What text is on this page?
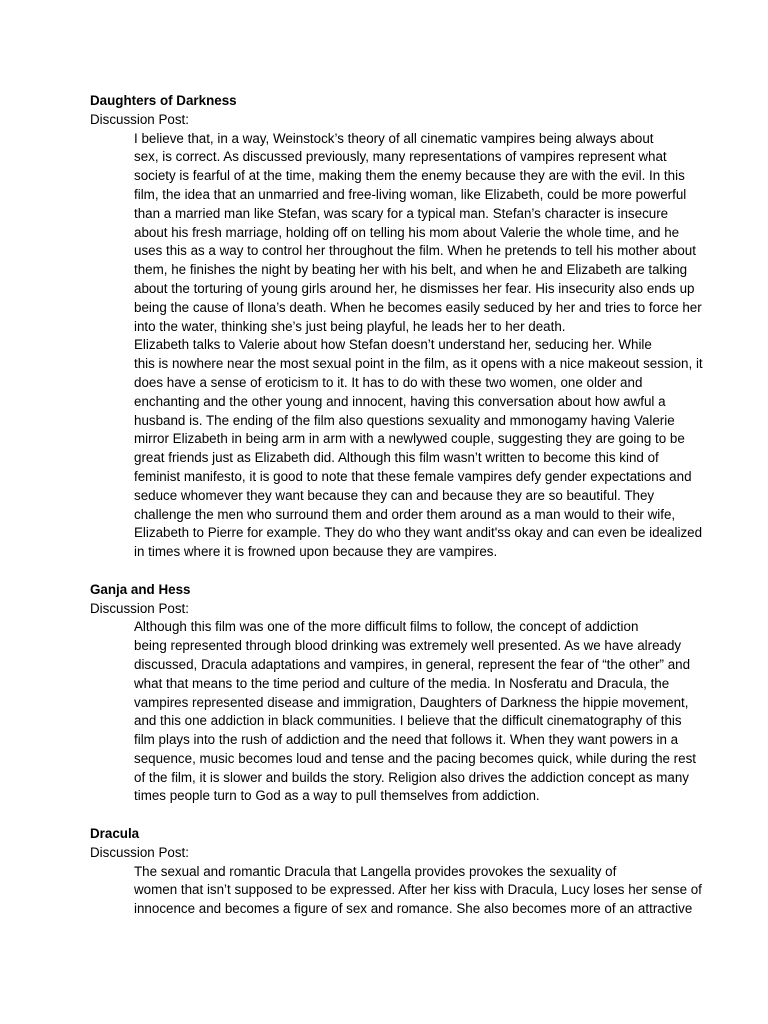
Daughters of Darkness

Discussion Post:

I believe that, in a way, Weinstock’s theory of all cinematic vampires being always about
sex, is correct. As discussed previously, many representations of vampires represent what
society is fearful of at the time, making them the enemy because they are with the evil. In this
film, the idea that an unmarried and free-living woman, like Elizabeth, could be more powerful
than a married man like Stefan, was scary for a typical man. Stefan’s character is insecure
about his fresh marriage, holding off on telling his mom about Valerie the whole time, and he
uses this as a way to control her throughout the film. When he pretends to tell his mother about
them, he finishes the night by beating her with his belt, and when he and Elizabeth are talking
about the torturing of young girls around her, he dismisses her fear. His insecurity also ends up
being the cause of Ilona’s death. When he becomes easily seduced by her and tries to force her
into the water, thinking she’s just being playful, he leads her to her death.

Elizabeth talks to Valerie about how Stefan doesn’t understand her, seducing her. While
this is nowhere near the most sexual point in the film, as it opens with a nice makeout session, it
does have a sense of eroticism to it. It has to do with these two women, one older and
enchanting and the other young and innocent, having this conversation about how awful a
husband is. The ending of the film also questions sexuality and mmonogamy having Valerie
mirror Elizabeth in being arm in arm with a newlywed couple, suggesting they are going to be
great friends just as Elizabeth did. Although this film wasn’t written to become this kind of
feminist manifesto, it is good to note that these female vampires defy gender expectations and
seduce whomever they want because they can and because they are so beautiful. They
challenge the men who surround them and order them around as a man would to their wife,
Elizabeth to Pierre for example. They do who they want andit'ss okay and can even be idealized
in times where it is frowned upon because they are vampires.

Ganja and Hess

Discussion Post:

Although this film was one of the more difficult films to follow, the concept of addiction
being represented through blood drinking was extremely well presented. As we have already
discussed, Dracula adaptations and vampires, in general, represent the fear of “the other” and
what that means to the time period and culture of the media. In Nosferatu and Dracula, the
vampires represented disease and immigration, Daughters of Darkness the hippie movement,
and this one addiction in black communities. I believe that the difficult cinematography of this
film plays into the rush of addiction and the need that follows it. When they want powers in a
sequence, music becomes loud and tense and the pacing becomes quick, while during the rest
of the film, it is slower and builds the story. Religion also drives the addiction concept as many
times people turn to God as a way to pull themselves from addiction.

Dracula

Discussion Post:

The sexual and romantic Dracula that Langella provides provokes the sexuality of
women that isn’t supposed to be expressed. After her kiss with Dracula, Lucy loses her sense of
innocence and becomes a figure of sex and romance. She also becomes more of an attractive
